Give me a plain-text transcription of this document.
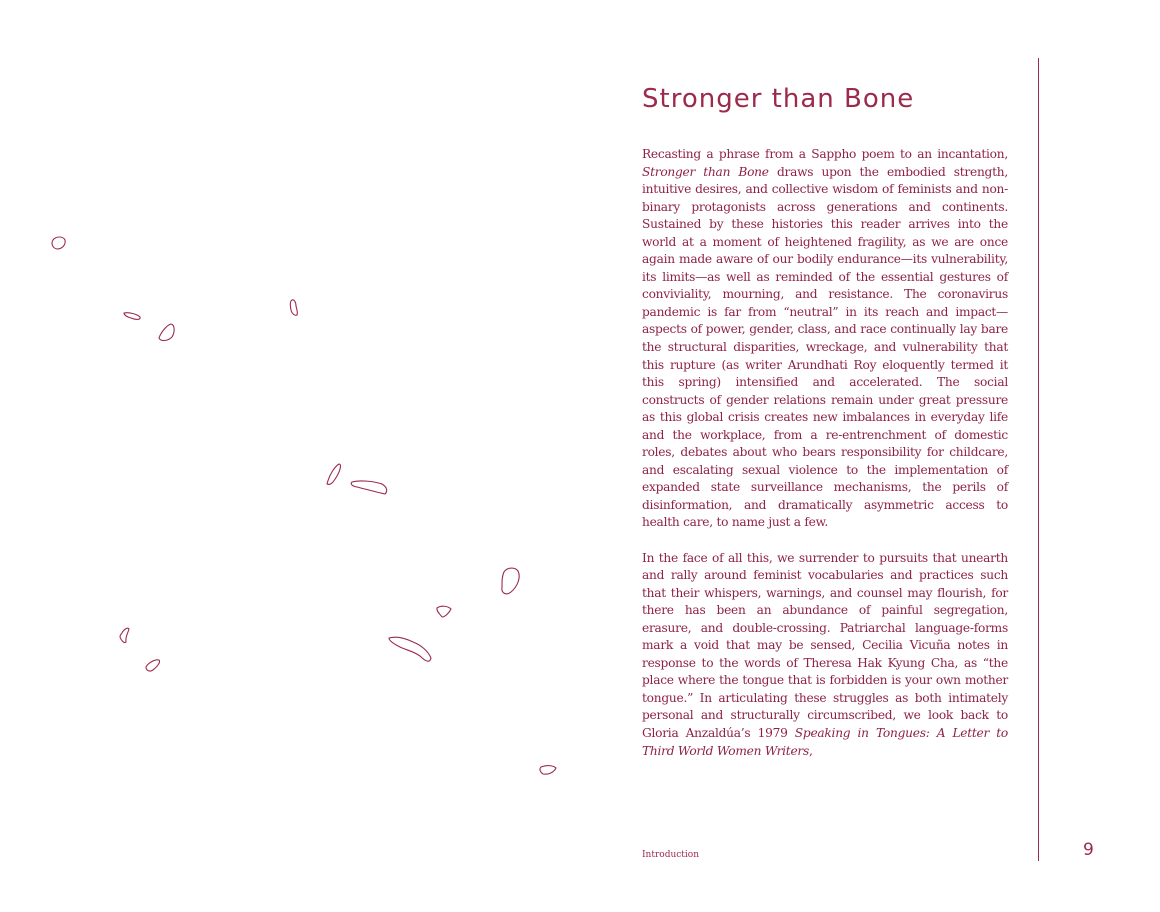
Stronger than Bone

Recasting a phrase from a Sappho poem to an incantation, Stronger than Bone draws upon the embodied strength, intuitive desires, and collective wisdom of feminists and non-binary protagonists across generations and continents. Sustained by these histories this reader arrives into the world at a moment of heightened fragility, as we are once again made aware of our bodily endurance—its vulnerability, its limits—as well as reminded of the essential gestures of conviviality, mourning, and resistance. The coronavirus pandemic is far from “neutral” in its reach and impact—aspects of power, gender, class, and race continually lay bare the structural disparities, wreckage, and vulnerability that this rupture (as writer Arundhati Roy eloquently termed it this spring) intensified and accelerated. The social constructs of gender relations remain under great pressure as this global crisis creates new imbalances in everyday life and the workplace, from a re-entrenchment of domestic roles, debates about who bears responsibility for childcare, and escalating sexual violence to the implementation of expanded state surveillance mechanisms, the perils of disinformation, and dramatically asymmetric access to health care, to name just a few.

In the face of all this, we surrender to pursuits that unearth and rally around feminist vocabularies and practices such that their whispers, warnings, and counsel may flourish, for there has been an abundance of painful segregation, erasure, and double-crossing. Patriarchal language-forms mark a void that may be sensed, Cecilia Vicuña notes in response to the words of Theresa Hak Kyung Cha, as “the place where the tongue that is forbidden is your own mother tongue.” In articulating these struggles as both intimately personal and structurally circumscribed, we look back to Gloria Anzaldúa’s 1979 Speaking in Tongues: A Letter to Third World Women Writers,

Introduction	9
